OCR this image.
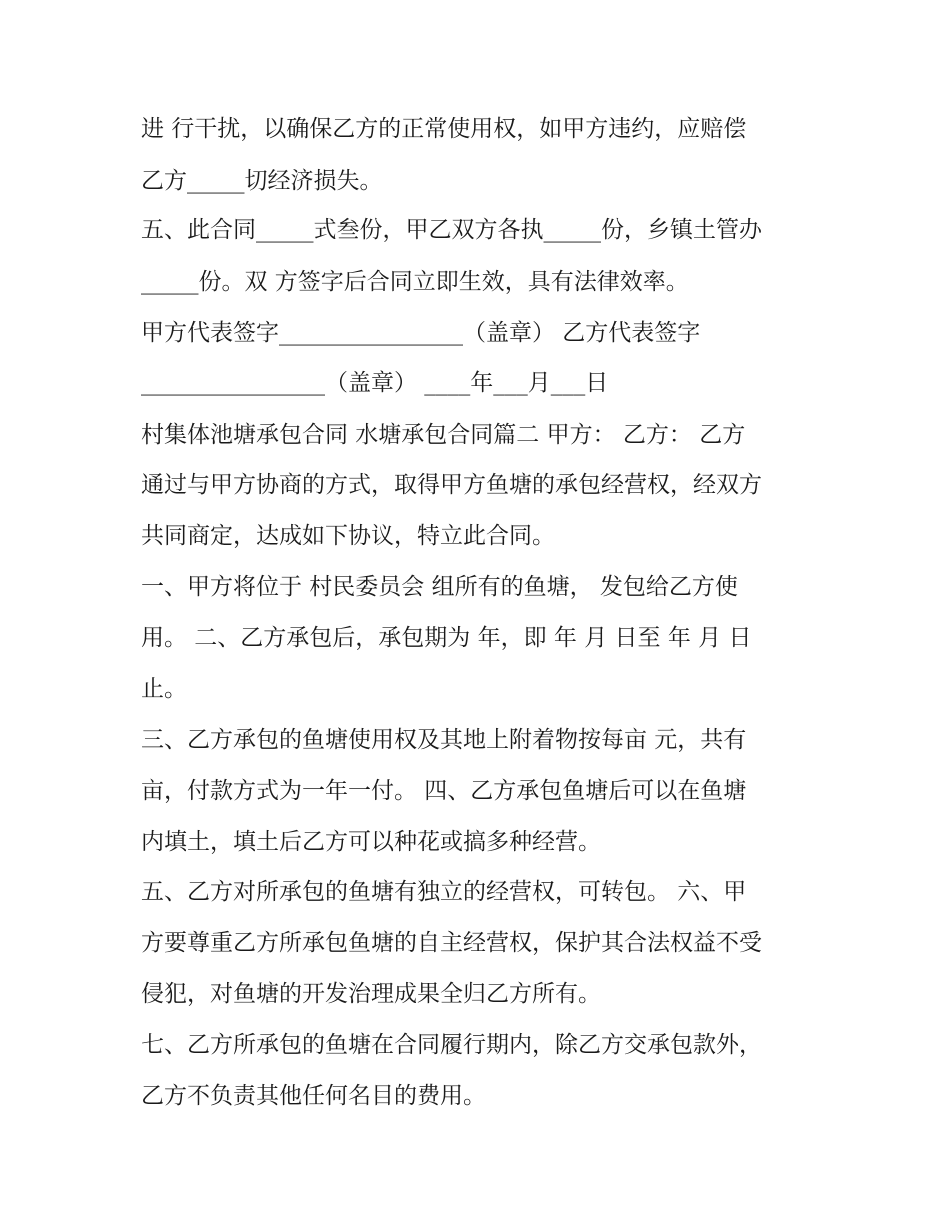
进 行干扰，以确保乙方的正常使用权，如甲方违约，应赔偿
乙方_____切经济损失。
五、此合同_____式叁份，甲乙双方各执_____份，乡镇土管办
_____份。双 方签字后合同立即生效，具有法律效率。
甲方代表签字________________（盖章） 乙方代表签字
________________（盖章） ____年___月___日
村集体池塘承包合同 水塘承包合同篇二 甲方： 乙方： 乙方
通过与甲方协商的方式，取得甲方鱼塘的承包经营权，经双方
共同商定，达成如下协议，特立此合同。
一、甲方将位于 村民委员会 组所有的鱼塘， 发包给乙方使
用。 二、乙方承包后，承包期为 年，即 年 月 日至 年 月 日
止。
三、乙方承包的鱼塘使用权及其地上附着物按每亩 元，共有
亩，付款方式为一年一付。 四、乙方承包鱼塘后可以在鱼塘
内填土，填土后乙方可以种花或搞多种经营。
五、乙方对所承包的鱼塘有独立的经营权，可转包。 六、甲
方要尊重乙方所承包鱼塘的自主经营权，保护其合法权益不受
侵犯，对鱼塘的开发治理成果全归乙方所有。
七、乙方所承包的鱼塘在合同履行期内，除乙方交承包款外，
乙方不负责其他任何名目的费用。
